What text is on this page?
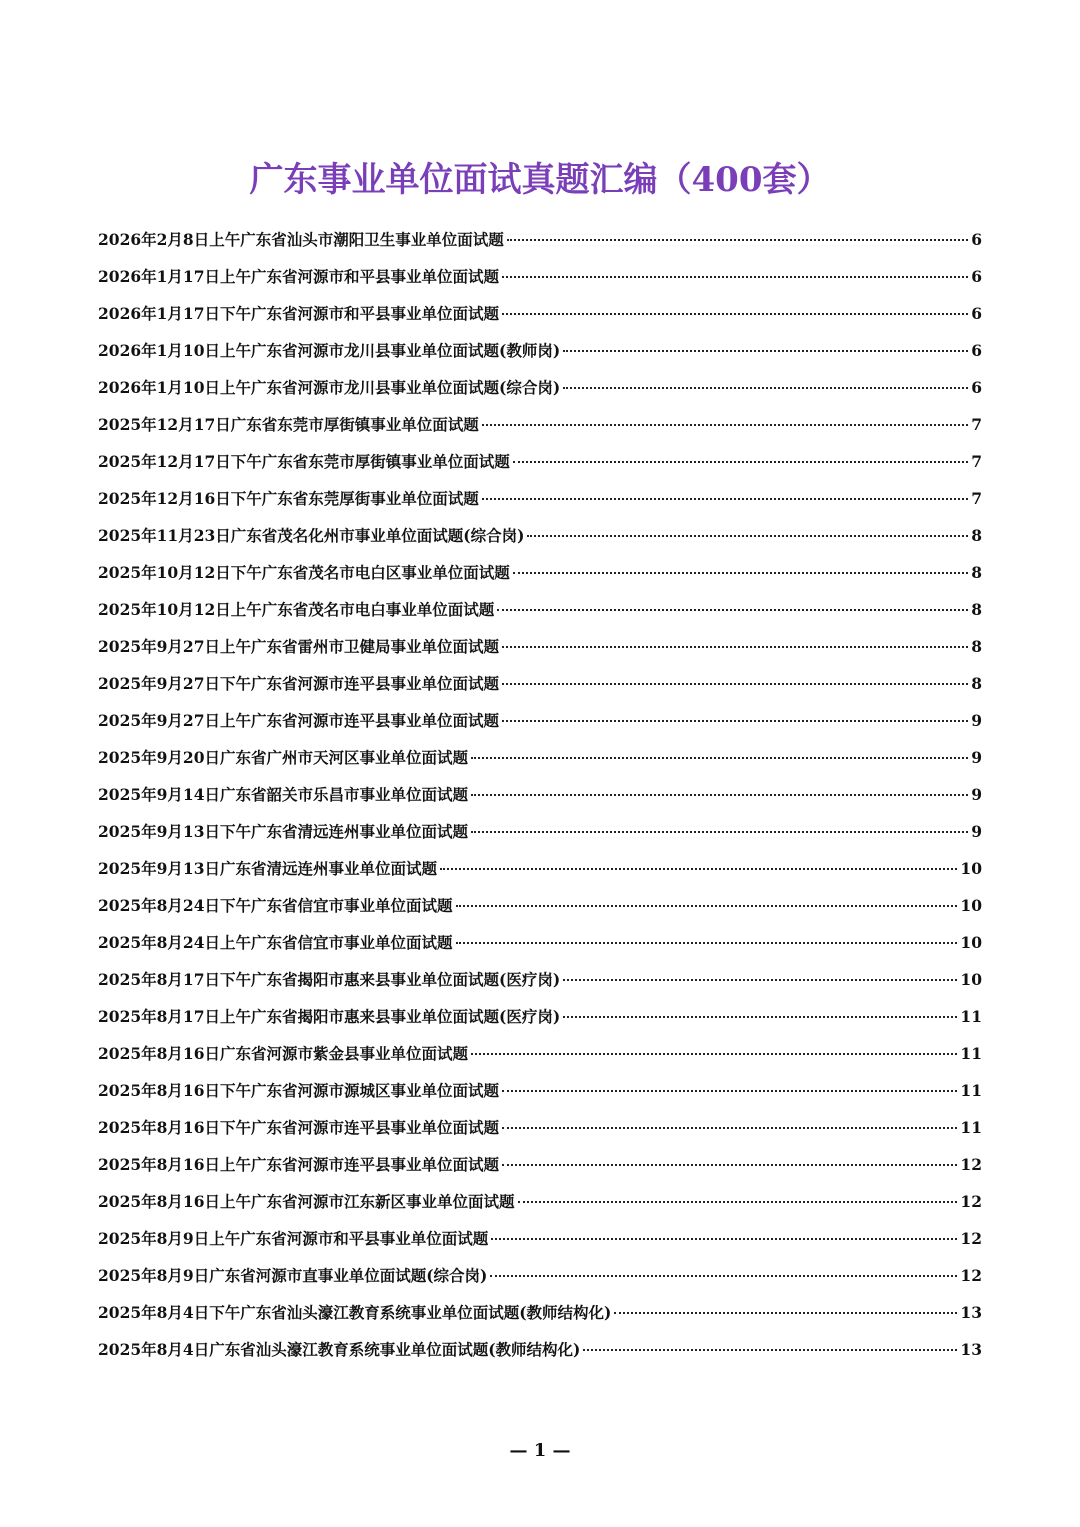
广东事业单位面试真题汇编（400套）
2026年2月8日上午广东省汕头市潮阳卫生事业单位面试题	6
2026年1月17日上午广东省河源市和平县事业单位面试题	6
2026年1月17日下午广东省河源市和平县事业单位面试题	6
2026年1月10日上午广东省河源市龙川县事业单位面试题(教师岗)	6
2026年1月10日上午广东省河源市龙川县事业单位面试题(综合岗)	6
2025年12月17日广东省东莞市厚街镇事业单位面试题	7
2025年12月17日下午广东省东莞市厚街镇事业单位面试题	7
2025年12月16日下午广东省东莞厚街事业单位面试题	7
2025年11月23日广东省茂名化州市事业单位面试题(综合岗)	8
2025年10月12日下午广东省茂名市电白区事业单位面试题	8
2025年10月12日上午广东省茂名市电白事业单位面试题	8
2025年9月27日上午广东省雷州市卫健局事业单位面试题	8
2025年9月27日下午广东省河源市连平县事业单位面试题	8
2025年9月27日上午广东省河源市连平县事业单位面试题	9
2025年9月20日广东省广州市天河区事业单位面试题	9
2025年9月14日广东省韶关市乐昌市事业单位面试题	9
2025年9月13日下午广东省清远连州事业单位面试题	9
2025年9月13日广东省清远连州事业单位面试题	10
2025年8月24日下午广东省信宜市事业单位面试题	10
2025年8月24日上午广东省信宜市事业单位面试题	10
2025年8月17日下午广东省揭阳市惠来县事业单位面试题(医疗岗)	10
2025年8月17日上午广东省揭阳市惠来县事业单位面试题(医疗岗)	11
2025年8月16日广东省河源市紫金县事业单位面试题	11
2025年8月16日下午广东省河源市源城区事业单位面试题	11
2025年8月16日下午广东省河源市连平县事业单位面试题	11
2025年8月16日上午广东省河源市连平县事业单位面试题	12
2025年8月16日上午广东省河源市江东新区事业单位面试题	12
2025年8月9日上午广东省河源市和平县事业单位面试题	12
2025年8月9日广东省河源市直事业单位面试题(综合岗)	12
2025年8月4日下午广东省汕头濠江教育系统事业单位面试题(教师结构化)	13
2025年8月4日广东省汕头濠江教育系统事业单位面试题(教师结构化)	13
— 1 —
